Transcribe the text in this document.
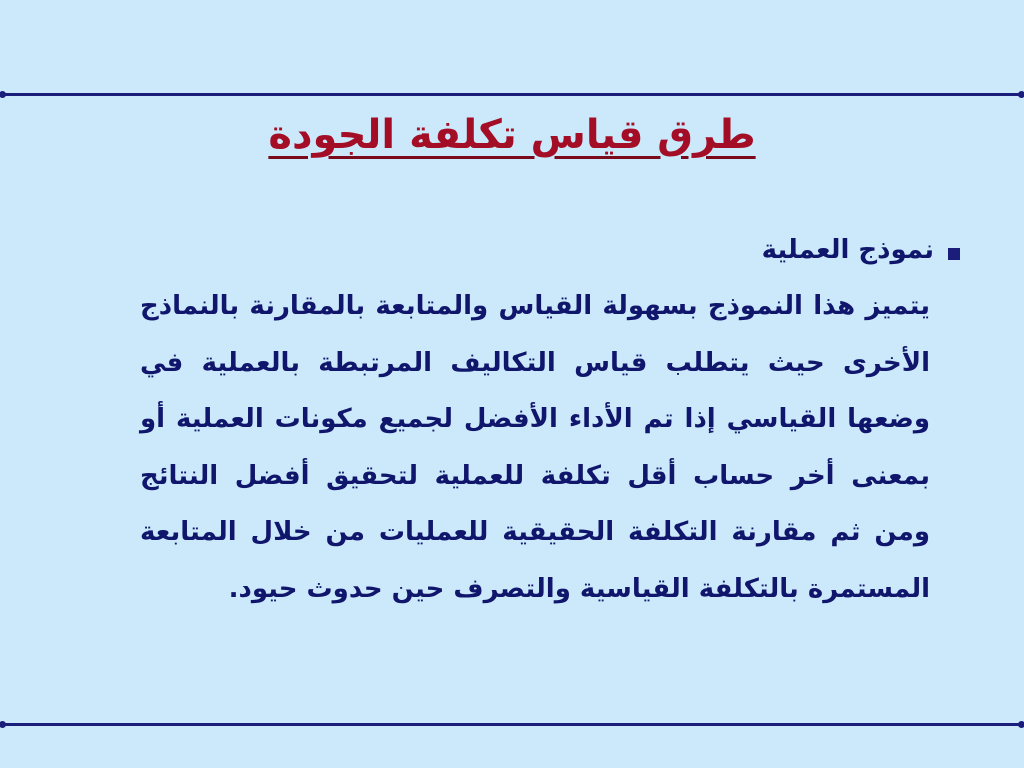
طرق قياس تكلفة الجودة
نموذج العملية

يتميز هذا النموذج بسهولة القياس والمتابعة بالمقارنة بالنماذج الأخرى حيث يتطلب قياس التكاليف المرتبطة بالعملية في وضعها القياسي إذا تم الأداء الأفضل لجميع مكونات العملية أو بمعنى أخر حساب أقل تكلفة للعملية لتحقيق أفضل النتائج ومن ثم مقارنة التكلفة الحقيقية للعمليات من خلال المتابعة المستمرة بالتكلفة القياسية والتصرف حين حدوث حيود.
